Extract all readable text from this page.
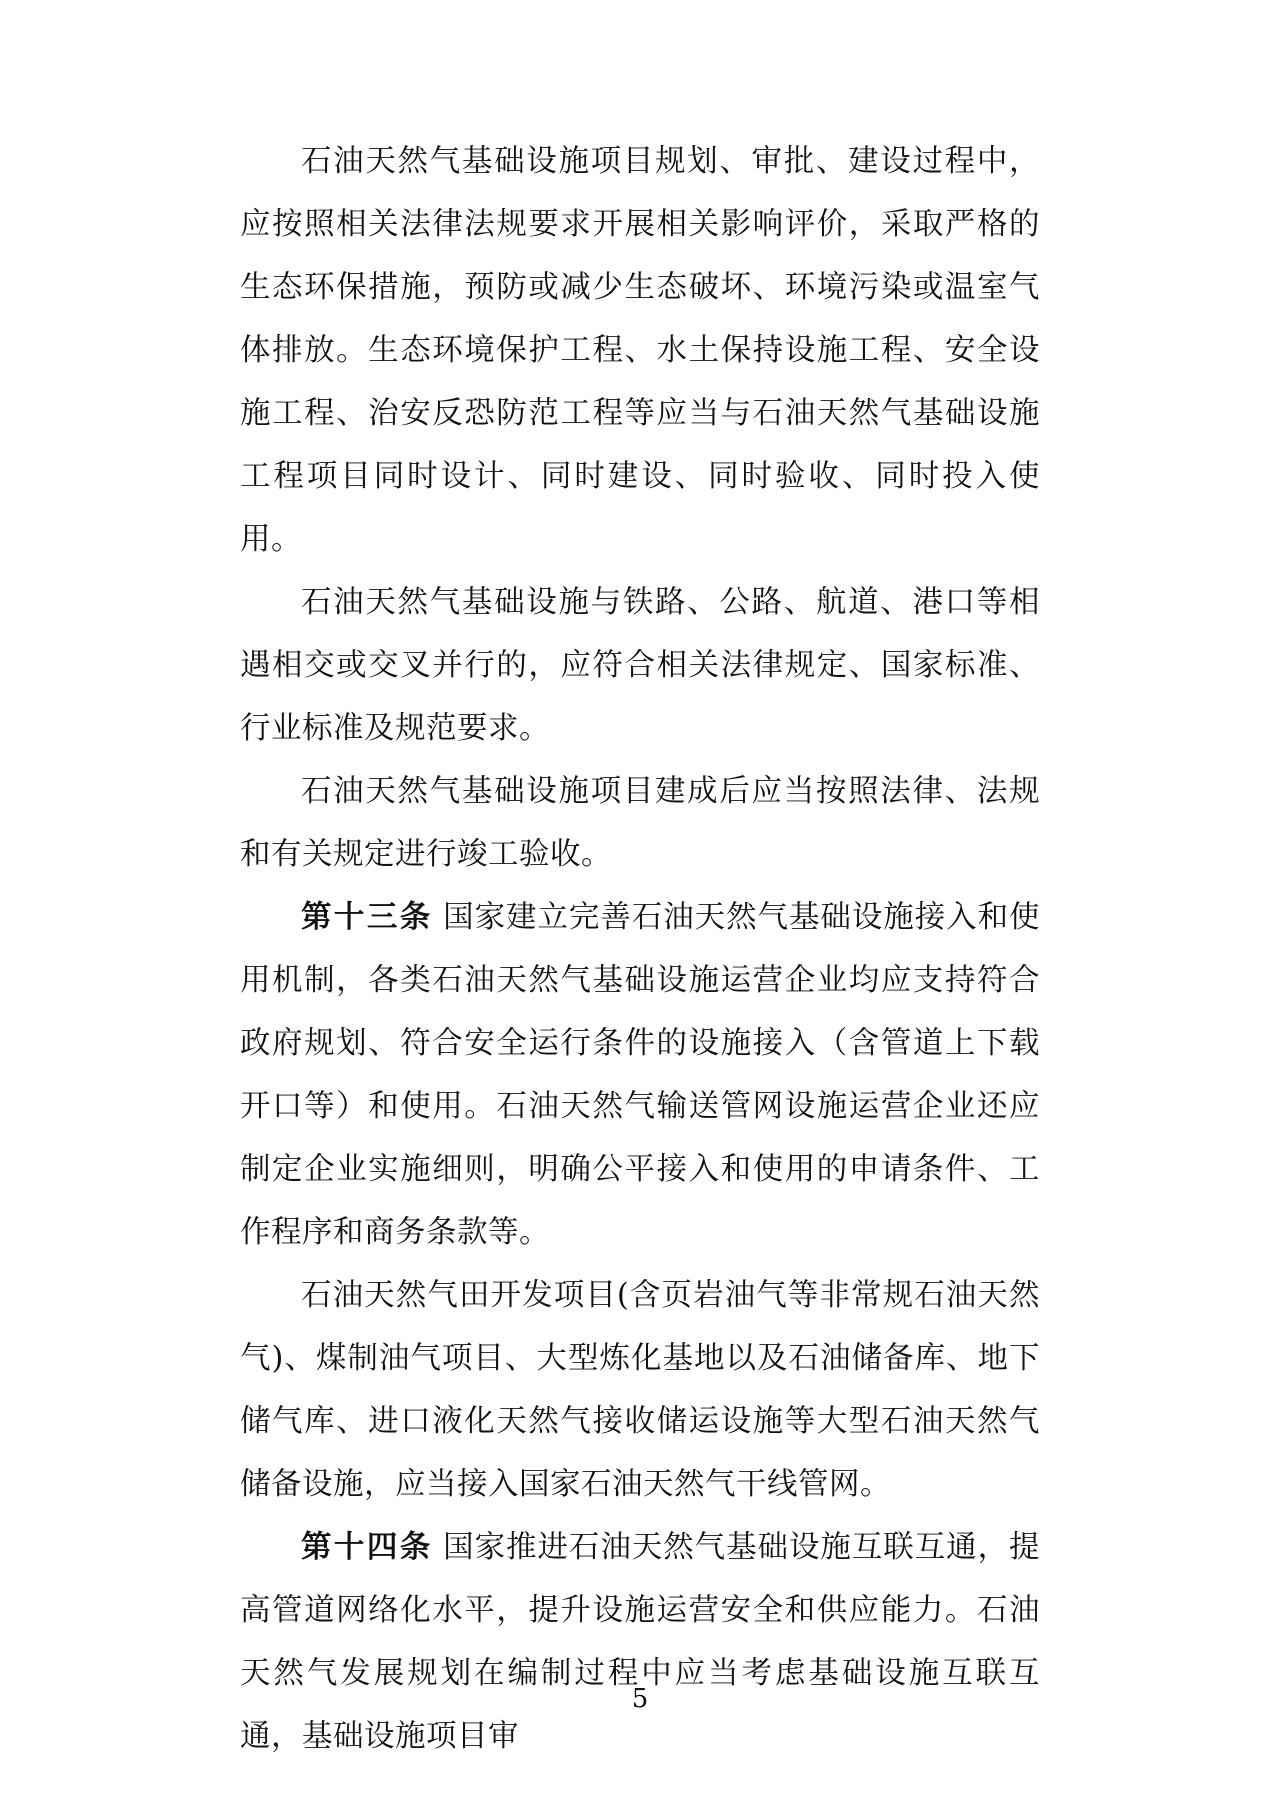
石油天然气基础设施项目规划、审批、建设过程中，应按照相关法律法规要求开展相关影响评价，采取严格的生态环保措施，预防或减少生态破坏、环境污染或温室气体排放。生态环境保护工程、水土保持设施工程、安全设施工程、治安反恐防范工程等应当与石油天然气基础设施工程项目同时设计、同时建设、同时验收、同时投入使用。

石油天然气基础设施与铁路、公路、航道、港口等相遇相交或交叉并行的，应符合相关法律规定、国家标准、行业标准及规范要求。

石油天然气基础设施项目建成后应当按照法律、法规和有关规定进行竣工验收。

第十三条 国家建立完善石油天然气基础设施接入和使用机制，各类石油天然气基础设施运营企业均应支持符合政府规划、符合安全运行条件的设施接入（含管道上下载开口等）和使用。石油天然气输送管网设施运营企业还应制定企业实施细则，明确公平接入和使用的申请条件、工作程序和商务条款等。

石油天然气田开发项目(含页岩油气等非常规石油天然气)、煤制油气项目、大型炼化基地以及石油储备库、地下储气库、进口液化天然气接收储运设施等大型石油天然气储备设施，应当接入国家石油天然气干线管网。

第十四条 国家推进石油天然气基础设施互联互通，提高管道网络化水平，提升设施运营安全和供应能力。石油天然气发展规划在编制过程中应当考虑基础设施互联互通，基础设施项目审

5
